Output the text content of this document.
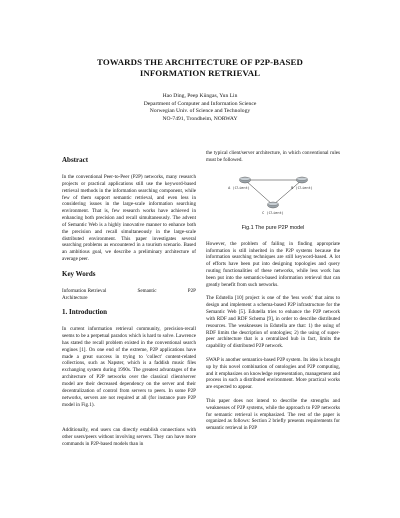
TOWARDS THE ARCHITECTURE OF P2P-BASED
INFORMATION RETRIEVAL
Hao Ding, Peep Küngas, Yun Lin
Department of Computer and Information Science
Norwegian Univ. of Science and Technology
NO-7491, Trondheim, NORWAY
Abstract

In the conventional Peer-to-Peer (P2P) networks, many research projects or practical applications still use the keyword-based retrieval methods in the information searching component, while few of them support semantic retrieval, and even less in considering issues in the large-scale information searching environment. That is, few research works have achieved in enhancing both precision and recall simultaneously. The advent of Semantic Web is a highly innovative manner to enhance both the precision and recall simultaneously in the large-scale distributed environment. This paper investigates several searching problems as encountered in a tourism scenario. Based an ambitious goal, we describe a preliminary architecture of average peer.

Key Words
Information Retrieval	Semantic	P2P

Architecture

1. Introduction

In current information retrieval community, precision-recall seems to be a perpetual paradox which is hard to solve. Lawrence has stated the recall problem existed in the conventional search engines [1]. On one end of the extreme, P2P applications have made a great success in trying to 'collect' content-related collections, such as Napster, which is a faddish music files exchanging system during 1990s. The greatest advantages of the architecture of P2P networks over the classical client/server model are their decreased dependency on the server and their decentralization of control from servers to peers. In some P2P networks, servers are not required at all (for instance pure P2P model in Fig.1).

Additionally, end users can directly establish connections with other users/peers without involving servers. They can have more commands in P2P-based models than in

the typical client/server architecture, in which conventional rules must be followed.

A (Client)	B (Client)
C (Client)
Fig.1 The pure P2P model

However, the problem of failing in finding appropriate information is still inherited in the P2P systems because the information searching techniques are still keyword-based. A lot of efforts have been put into designing topologies and query routing functionalities of these networks, while less work has been put into the semantics-based information retrieval that can greatly benefit from such networks.

The Edutella [10] project is one of the 'less work' that aims to design and implement a schema-based P2P infrastructure for the Semantic Web [5]. Edutella tries to enhance the P2P network with RDF and RDF Schema [9], in order to describe distributed resources. The weaknesses in Edutella are that: 1) the using of RDF limits the description of ontologies; 2) the using of super-peer architecture that is a centralized hub in fact, limits the capability of distributed P2P network.

SWAP is another semantics-based P2P system. Its idea is brought up by this novel combination of ontologies and P2P computing, and it emphasizes on knowledge representation, management and process in such a distributed environment. More practical works are expected to appear.

This paper does not intend to describe the strengths and weaknesses of P2P systems, while the approach to P2P networks for semantic retrieval is emphasized. The rest of the paper is organized as follows: Section 2 briefly presents requirements for semantic retrieval in P2P
